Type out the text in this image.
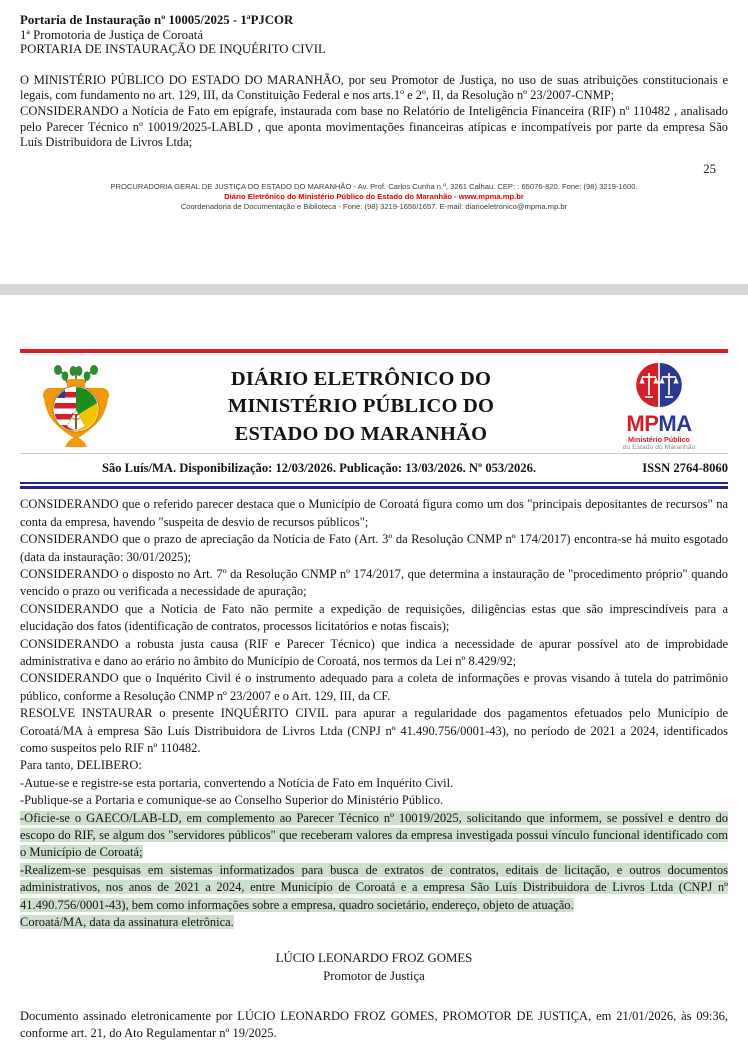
Portaria de Instauração nº 10005/2025 - 1ªPJCOR
1ª Promotoria de Justiça de Coroatá
PORTARIA DE INSTAURAÇÃO DE INQUÉRITO CIVIL

O MINISTÉRIO PÚBLICO DO ESTADO DO MARANHÃO, por seu Promotor de Justiça, no uso de suas atribuições constitucionais e legais, com fundamento no art. 129, III, da Constituição Federal e nos arts.1º e 2º, II, da Resolução nº 23/2007-CNMP;

CONSIDERANDO a Notícia de Fato em epígrafe, instaurada com base no Relatório de Inteligência Financeira (RIF) nº 110482 , analisado pelo Parecer Técnico nº 10019/2025-LABLD , que aponta movimentações financeiras atípicas e incompatíveis por parte da empresa São Luís Distribuidora de Livros Ltda;

25
PROCURADORIA GERAL DE JUSTIÇA DO ESTADO DO MARANHÃO - Av. Prof. Carlos Cunha n.º, 3261 Calhau. CEP: : 65076-820. Fone: (98) 3219-1600.
Diário Eletrônico do Ministério Público do Estado do Maranhão - www.mpma.mp.br
Coordenadoria de Documentação e Biblioteca - Fone: (98) 3219-1656/1657. E-mail: diarioeletronico@mpma.mp.br
DIÁRIO ELETRÔNICO DO
MINISTÉRIO PÚBLICO DO
ESTADO DO MARANHÃO	MPMA
Ministério Público
do Estado do Maranhão
São Luís/MA. Disponibilização: 12/03/2026. Publicação: 13/03/2026. Nº 053/2026.	ISSN 2764-8060

CONSIDERANDO que o referido parecer destaca que o Município de Coroatá figura como um dos "principais depositantes de recursos" na conta da empresa, havendo "suspeita de desvio de recursos públicos";

CONSIDERANDO que o prazo de apreciação da Notícia de Fato (Art. 3º da Resolução CNMP nº 174/2017) encontra-se há muito esgotado (data da instauração: 30/01/2025);

CONSIDERANDO o disposto no Art. 7º da Resolução CNMP nº 174/2017, que determina a instauração de "procedimento próprio" quando vencido o prazo ou verificada a necessidade de apuração;

CONSIDERANDO que a Notícia de Fato não permite a expedição de requisições, diligências estas que são imprescindíveis para a elucidação dos fatos (identificação de contratos, processos licitatórios e notas fiscais);

CONSIDERANDO a robusta justa causa (RIF e Parecer Técnico) que indica a necessidade de apurar possível ato de improbidade administrativa e dano ao erário no âmbito do Município de Coroatá, nos termos da Lei nº 8.429/92;

CONSIDERANDO que o Inquérito Civil é o instrumento adequado para a coleta de informações e provas visando à tutela do patrimônio público, conforme a Resolução CNMP nº 23/2007 e o Art. 129, III, da CF.

RESOLVE INSTAURAR o presente INQUÉRITO CIVIL para apurar a regularidade dos pagamentos efetuados pelo Município de Coroatá/MA à empresa São Luís Distribuidora de Livros Ltda (CNPJ nº 41.490.756/0001-43), no período de 2021 a 2024, identificados como suspeitos pelo RIF nº 110482.

Para tanto, DELIBERO:

-Autue-se e registre-se esta portaria, convertendo a Notícia de Fato em Inquérito Civil.

-Publique-se a Portaria e comunique-se ao Conselho Superior do Ministério Público.

-Oficie-se o GAECO/LAB-LD, em complemento ao Parecer Técnico nº 10019/2025, solicitando que informem, se possível e dentro do escopo do RIF, se algum dos "servidores públicos" que receberam valores da empresa investigada possui vínculo funcional identificado com o Município de Coroatá;

-Realizem-se pesquisas em sistemas informatizados para busca de extratos de contratos, editais de licitação, e outros documentos administrativos, nos anos de 2021 a 2024, entre Município de Coroatá e a empresa São Luís Distribuidora de Livros Ltda (CNPJ nº 41.490.756/0001-43), bem como informações sobre a empresa, quadro societário, endereço, objeto de atuação.

Coroatá/MA, data da assinatura eletrônica.

LÚCIO LEONARDO FROZ GOMES
Promotor de Justiça

Documento assinado eletronicamente por LÚCIO LEONARDO FROZ GOMES, PROMOTOR DE JUSTIÇA, em 21/01/2026, às 09:36, conforme art. 21, do Ato Regulamentar nº 19/2025.
